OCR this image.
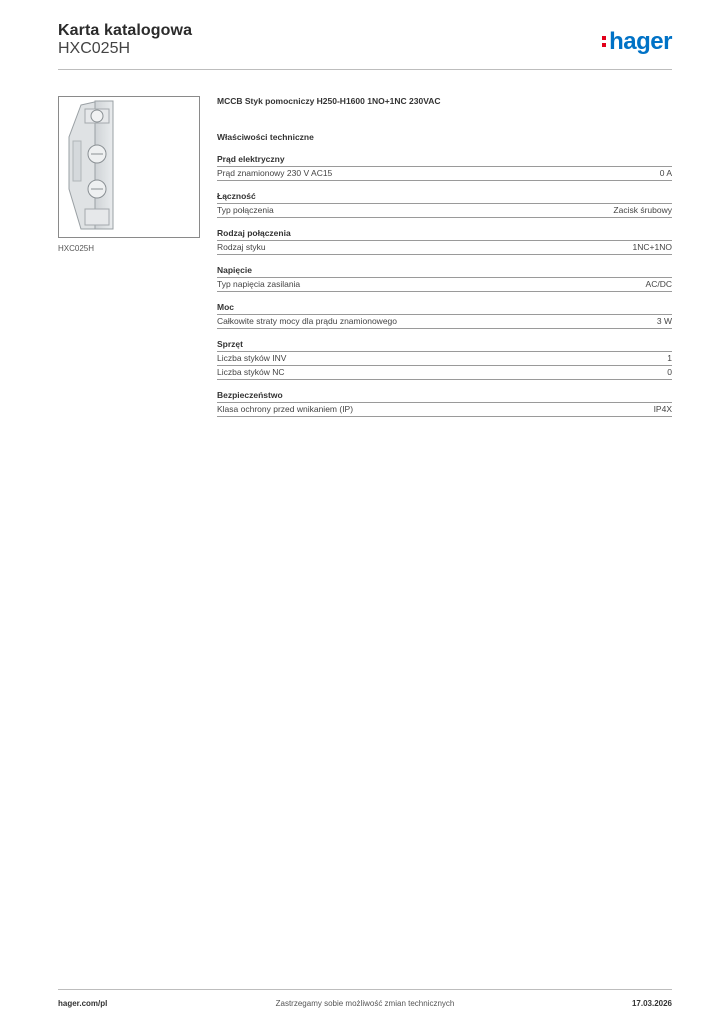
Karta katalogowa
HXC025H	hager
HXC025H
MCCB Styk pomocniczy H250-H1600 1NO+1NC 230VAC
Właściwości techniczne
Prąd elektryczny
Prąd znamionowy 230 V AC15	0 A
Łączność
Typ połączenia	Zacisk śrubowy
Rodzaj połączenia
Rodzaj styku	1NC+1NO
Napięcie
Typ napięcia zasilania	AC/DC
Moc
Całkowite straty mocy dla prądu znamionowego	3 W
Sprzęt
Liczba styków INV	1
Liczba styków NC	0
Bezpieczeństwo
Klasa ochrony przed wnikaniem (IP)	IP4X
hager.com/pl	Zastrzegamy sobie możliwość zmian technicznych	17.03.2026
